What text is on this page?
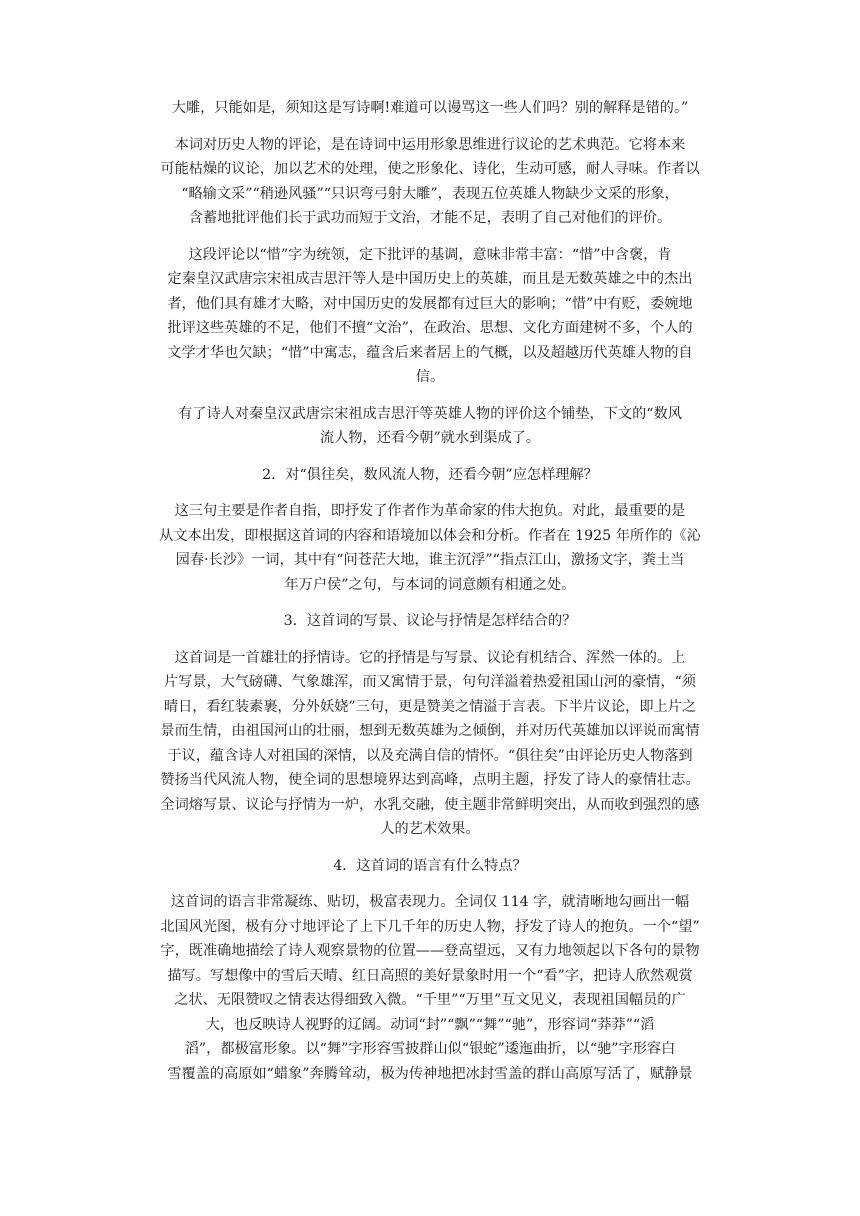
大雕，只能如是，须知这是写诗啊!难道可以谩骂这一些人们吗？别的解释是错的。”

本词对历史人物的评论，是在诗词中运用形象思维进行议论的艺术典范。它将本来
可能枯燥的议论，加以艺术的处理，使之形象化、诗化，生动可感，耐人寻味。作者以
“略输文采”“稍逊风骚”“只识弯弓射大雕”，表现五位英雄人物缺少文采的形象，
含蓄地批评他们长于武功而短于文治，才能不足，表明了自己对他们的评价。

这段评论以“惜”字为统领，定下批评的基调，意味非常丰富：“惜”中含褒，肯
定秦皇汉武唐宗宋祖成吉思汗等人是中国历史上的英雄，而且是无数英雄之中的杰出
者，他们具有雄才大略，对中国历史的发展都有过巨大的影响；“惜”中有贬，委婉地
批评这些英雄的不足，他们不擅“文治”，在政治、思想、文化方面建树不多，个人的
文学才华也欠缺；“惜”中寓志，蕴含后来者居上的气概，以及超越历代英雄人物的自
信。

有了诗人对秦皇汉武唐宗宋祖成吉思汗等英雄人物的评价这个铺垫，下文的“数风
流人物，还看今朝”就水到渠成了。

2．对“俱往矣，数风流人物，还看今朝”应怎样理解？

这三句主要是作者自指，即抒发了作者作为革命家的伟大抱负。对此，最重要的是
从文本出发，即根据这首词的内容和语境加以体会和分析。作者在 1925 年所作的《沁
园春·长沙》一词，其中有“问苍茫大地，谁主沉浮”“指点江山，激扬文字，粪土当
年万户侯”之句，与本词的词意颇有相通之处。

3．这首词的写景、议论与抒情是怎样结合的？

这首词是一首雄壮的抒情诗。它的抒情是与写景、议论有机结合、浑然一体的。上
片写景，大气磅礴、气象雄浑，而又寓情于景，句句洋溢着热爱祖国山河的豪情，“须
晴日，看红装素裹，分外妖娆”三句，更是赞美之情溢于言表。下半片议论，即上片之
景而生情，由祖国河山的壮丽，想到无数英雄为之倾倒，并对历代英雄加以评说而寓情
于议，蕴含诗人对祖国的深情，以及充满自信的情怀。“俱往矣”由评论历史人物落到
赞扬当代风流人物，使全词的思想境界达到高峰，点明主题，抒发了诗人的豪情壮志。
全词熔写景、议论与抒情为一炉，水乳交融，使主题非常鲜明突出，从而收到强烈的感
人的艺术效果。

4．这首词的语言有什么特点？

这首词的语言非常凝练、贴切，极富表现力。全词仅 114 字，就清晰地勾画出一幅
北国风光图，极有分寸地评论了上下几千年的历史人物，抒发了诗人的抱负。一个“望”
字，既准确地描绘了诗人观察景物的位置——登高望远，又有力地领起以下各句的景物
描写。写想像中的雪后天晴、红日高照的美好景象时用一个“看”字，把诗人欣然观赏
之状、无限赞叹之情表达得细致入微。“千里”“万里”互文见义，表现祖国幅员的广
大，也反映诗人视野的辽阔。动词“封”“飘”“舞”“驰”，形容词“莽莽”“滔
滔”，都极富形象。以“舞”字形容雪披群山似“银蛇”逶迤曲折，以“驰”字形容白
雪覆盖的高原如“蜡象”奔腾耸动，极为传神地把冰封雪盖的群山高原写活了，赋静景
